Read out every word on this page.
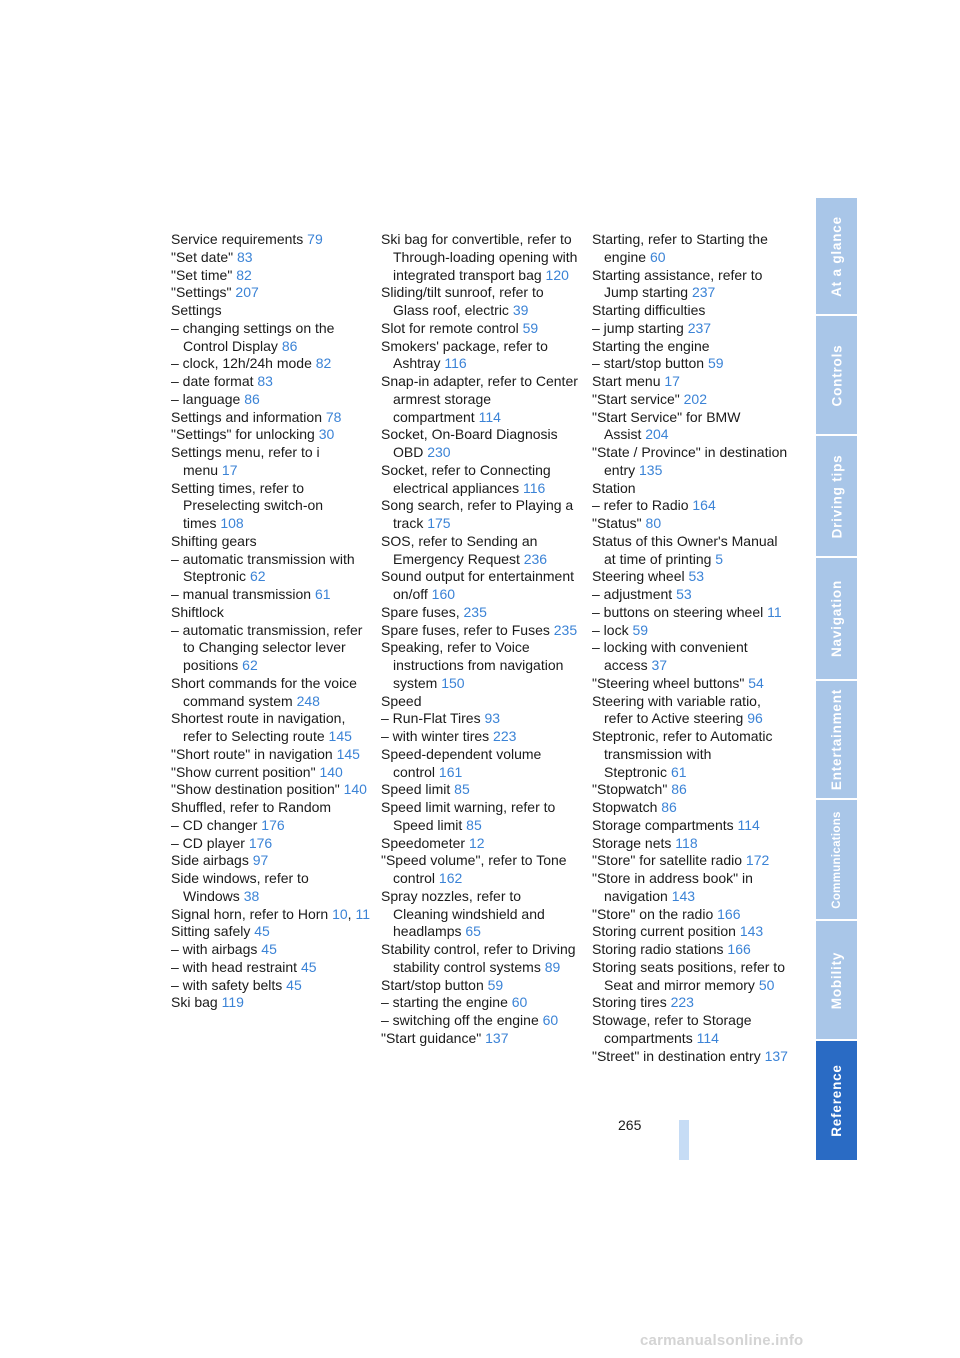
Service requirements 79
"Set date" 83
"Set time" 82
"Settings" 207
Settings
– changing settings on the Control Display 86
– clock, 12h/24h mode 82
– date format 83
– language 86
Settings and information 78
"Settings" for unlocking 30
Settings menu, refer to i menu 17
Setting times, refer to Preselecting switch-on times 108
Shifting gears
– automatic transmission with Steptronic 62
– manual transmission 61
Shiftlock
– automatic transmission, refer to Changing selector lever positions 62
Short commands for the voice command system 248
Shortest route in navigation, refer to Selecting route 145
"Short route" in navigation 145
"Show current position" 140
"Show destination position" 140
Shuffled, refer to Random
– CD changer 176
– CD player 176
Side airbags 97
Side windows, refer to Windows 38
Signal horn, refer to Horn 10, 11
Sitting safely 45
– with airbags 45
– with head restraint 45
– with safety belts 45
Ski bag 119
Ski bag for convertible, refer to Through-loading opening with integrated transport bag 120
Sliding/tilt sunroof, refer to Glass roof, electric 39
Slot for remote control 59
Smokers' package, refer to Ashtray 116
Snap-in adapter, refer to Center armrest storage compartment 114
Socket, On-Board Diagnosis OBD 230
Socket, refer to Connecting electrical appliances 116
Song search, refer to Playing a track 175
SOS, refer to Sending an Emergency Request 236
Sound output for entertainment on/off 160
Spare fuses, 235
Spare fuses, refer to Fuses 235
Speaking, refer to Voice instructions from navigation system 150
Speed
– Run-Flat Tires 93
– with winter tires 223
Speed-dependent volume control 161
Speed limit 85
Speed limit warning, refer to Speed limit 85
Speedometer 12
"Speed volume", refer to Tone control 162
Spray nozzles, refer to Cleaning windshield and headlamps 65
Stability control, refer to Driving stability control systems 89
Start/stop button 59
– starting the engine 60
– switching off the engine 60
"Start guidance" 137
Starting, refer to Starting the engine 60
Starting assistance, refer to Jump starting 237
Starting difficulties
– jump starting 237
Starting the engine
– start/stop button 59
Start menu 17
"Start service" 202
"Start Service" for BMW Assist 204
"State / Province" in destination entry 135
Station
– refer to Radio 164
"Status" 80
Status of this Owner's Manual at time of printing 5
Steering wheel 53
– adjustment 53
– buttons on steering wheel 11
– lock 59
– locking with convenient access 37
"Steering wheel buttons" 54
Steering with variable ratio, refer to Active steering 96
Steptronic, refer to Automatic transmission with Steptronic 61
"Stopwatch" 86
Stopwatch 86
Storage compartments 114
Storage nets 118
"Store" for satellite radio 172
"Store in address book" in navigation 143
"Store" on the radio 166
Storing current position 143
Storing radio stations 166
Storing seats positions, refer to Seat and mirror memory 50
Storing tires 223
Stowage, refer to Storage compartments 114
"Street" in destination entry 137
265
At a glance
Controls
Driving tips
Navigation
Entertainment
Communications
Mobility
Reference
carmanualsonline.info
